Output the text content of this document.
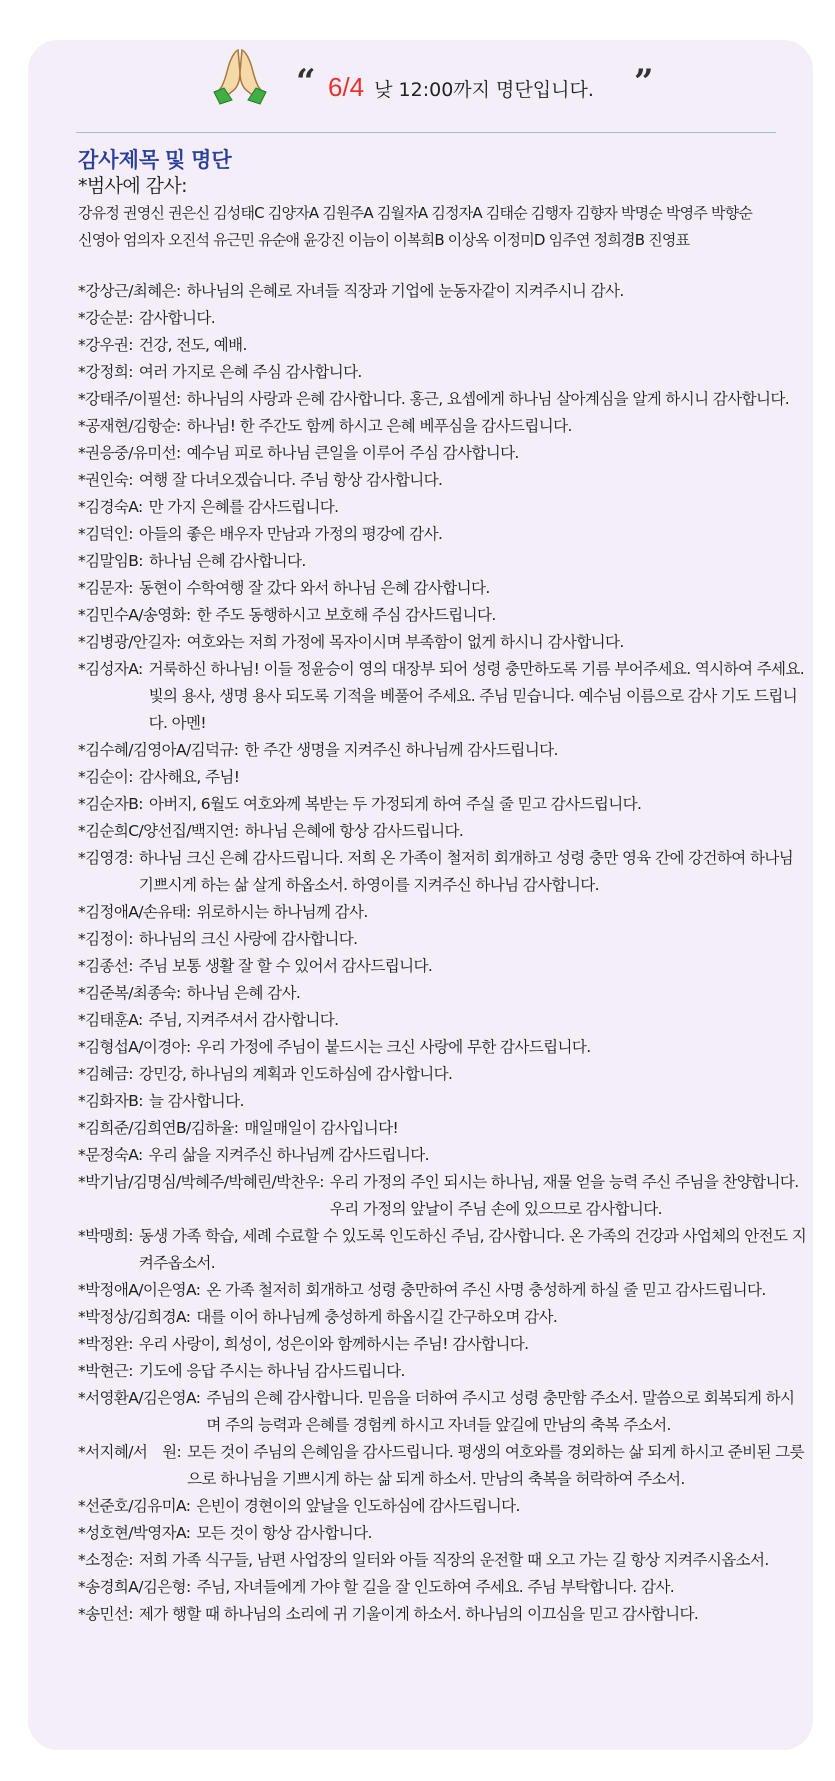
“ 6/4 낮 12:00까지 명단입니다. ”
감사제목 및 명단
*범사에 감사:
강유정 권영신 권은신 김성태C 김양자A 김원주A 김월자A 김정자A 김태순 김행자 김향자 박명순 박영주 박향순
신영아 엄의자 오진석 유근민 유순애 윤강진 이늠이 이복희B 이상옥 이정미D 임주연 정희경B 진영표
*강상근/최혜은: 하나님의 은혜로 자녀들 직장과 기업에 눈동자같이 지켜주시니 감사.
*강순분: 감사합니다.
*강우권: 건강, 전도, 예배.
*강정희: 여러 가지로 은혜 주심 감사합니다.
*강태주/이필선: 하나님의 사랑과 은혜 감사합니다. 홍근, 요셉에게 하나님 살아계심을 알게 하시니 감사합니다.
*공재현/김항순: 하나님! 한 주간도 함께 하시고 은혜 베푸심을 감사드립니다.
*권응중/유미선: 예수님 피로 하나님 큰일을 이루어 주심 감사합니다.
*권인숙: 여행 잘 다녀오겠습니다. 주님 항상 감사합니다.
*김경숙A: 만 가지 은혜를 감사드립니다.
*김덕인: 아들의 좋은 배우자 만남과 가정의 평강에 감사.
*김말임B: 하나님 은혜 감사합니다.
*김문자: 동현이 수학여행 잘 갔다 와서 하나님 은혜 감사합니다.
*김민수A/송영화: 한 주도 동행하시고 보호해 주심 감사드립니다.
*김병광/안길자: 여호와는 저희 가정에 목자이시며 부족함이 없게 하시니 감사합니다.
*김성자A: 거룩하신 하나님! 이들 정윤승이 영의 대장부 되어 성령 충만하도록 기름 부어주세요. 역시하여 주세요. 빛의 용사, 생명 용사 되도록 기적을 베풀어 주세요. 주님 믿습니다. 예수님 이름으로 감사 기도 드립니다. 아멘!
*김수혜/김영아A/김덕규: 한 주간 생명을 지켜주신 하나님께 감사드립니다.
*김순이: 감사해요, 주님!
*김순자B: 아버지, 6월도 여호와께 복받는 두 가정되게 하여 주실 줄 믿고 감사드립니다.
*김순희C/양선집/백지연: 하나님 은혜에 항상 감사드립니다.
*김영경: 하나님 크신 은혜 감사드립니다. 저희 온 가족이 철저히 회개하고 성령 충만 영육 간에 강건하여 하나님 기쁘시게 하는 삶 살게 하옵소서. 하영이를 지켜주신 하나님 감사합니다.
*김정애A/손유태: 위로하시는 하나님께 감사.
*김정이: 하나님의 크신 사랑에 감사합니다.
*김종선: 주님 보통 생활 잘 할 수 있어서 감사드립니다.
*김준복/최종숙: 하나님 은혜 감사.
*김태훈A: 주님, 지켜주셔서 감사합니다.
*김형섭A/이경아: 우리 가정에 주님이 붙드시는 크신 사랑에 무한 감사드립니다.
*김혜금: 강민강, 하나님의 계획과 인도하심에 감사합니다.
*김화자B: 늘 감사합니다.
*김희준/김희연B/김하율: 매일매일이 감사입니다!
*문정숙A: 우리 삶을 지켜주신 하나님께 감사드립니다.
*박기남/김명심/박혜주/박혜린/박찬우: 우리 가정의 주인 되시는 하나님, 재물 얻을 능력 주신 주님을 찬양합니다. 우리 가정의 앞날이 주님 손에 있으므로 감사합니다.
*박맹희: 동생 가족 학습, 세례 수료할 수 있도록 인도하신 주님, 감사합니다. 온 가족의 건강과 사업체의 안전도 지켜주옵소서.
*박정애A/이은영A: 온 가족 철저히 회개하고 성령 충만하여 주신 사명 충성하게 하실 줄 믿고 감사드립니다.
*박정상/김희경A: 대를 이어 하나님께 충성하게 하옵시길 간구하오며 감사.
*박정완: 우리 사랑이, 희성이, 성은이와 함께하시는 주님! 감사합니다.
*박현근: 기도에 응답 주시는 하나님 감사드립니다.
*서영환A/김은영A: 주님의 은혜 감사합니다. 믿음을 더하여 주시고 성령 충만함 주소서. 말씀으로 회복되게 하시며 주의 능력과 은혜를 경험케 하시고 자녀들 앞길에 만남의 축복 주소서.
*서지혜/서　원: 모든 것이 주님의 은혜임을 감사드립니다. 평생의 여호와를 경외하는 삶 되게 하시고 준비된 그릇으로 하나님을 기쁘시게 하는 삶 되게 하소서. 만남의 축복을 허락하여 주소서.
*선준호/김유미A: 은빈이 경현이의 앞날을 인도하심에 감사드립니다.
*성호현/박영자A: 모든 것이 항상 감사합니다.
*소정순: 저희 가족 식구들, 남편 사업장의 일터와 아들 직장의 운전할 때 오고 가는 길 항상 지켜주시옵소서.
*송경희A/김은형: 주님, 자녀들에게 가야 할 길을 잘 인도하여 주세요. 주님 부탁합니다. 감사.
*송민선: 제가 행할 때 하나님의 소리에 귀 기울이게 하소서. 하나님의 이끄심을 믿고 감사합니다.
